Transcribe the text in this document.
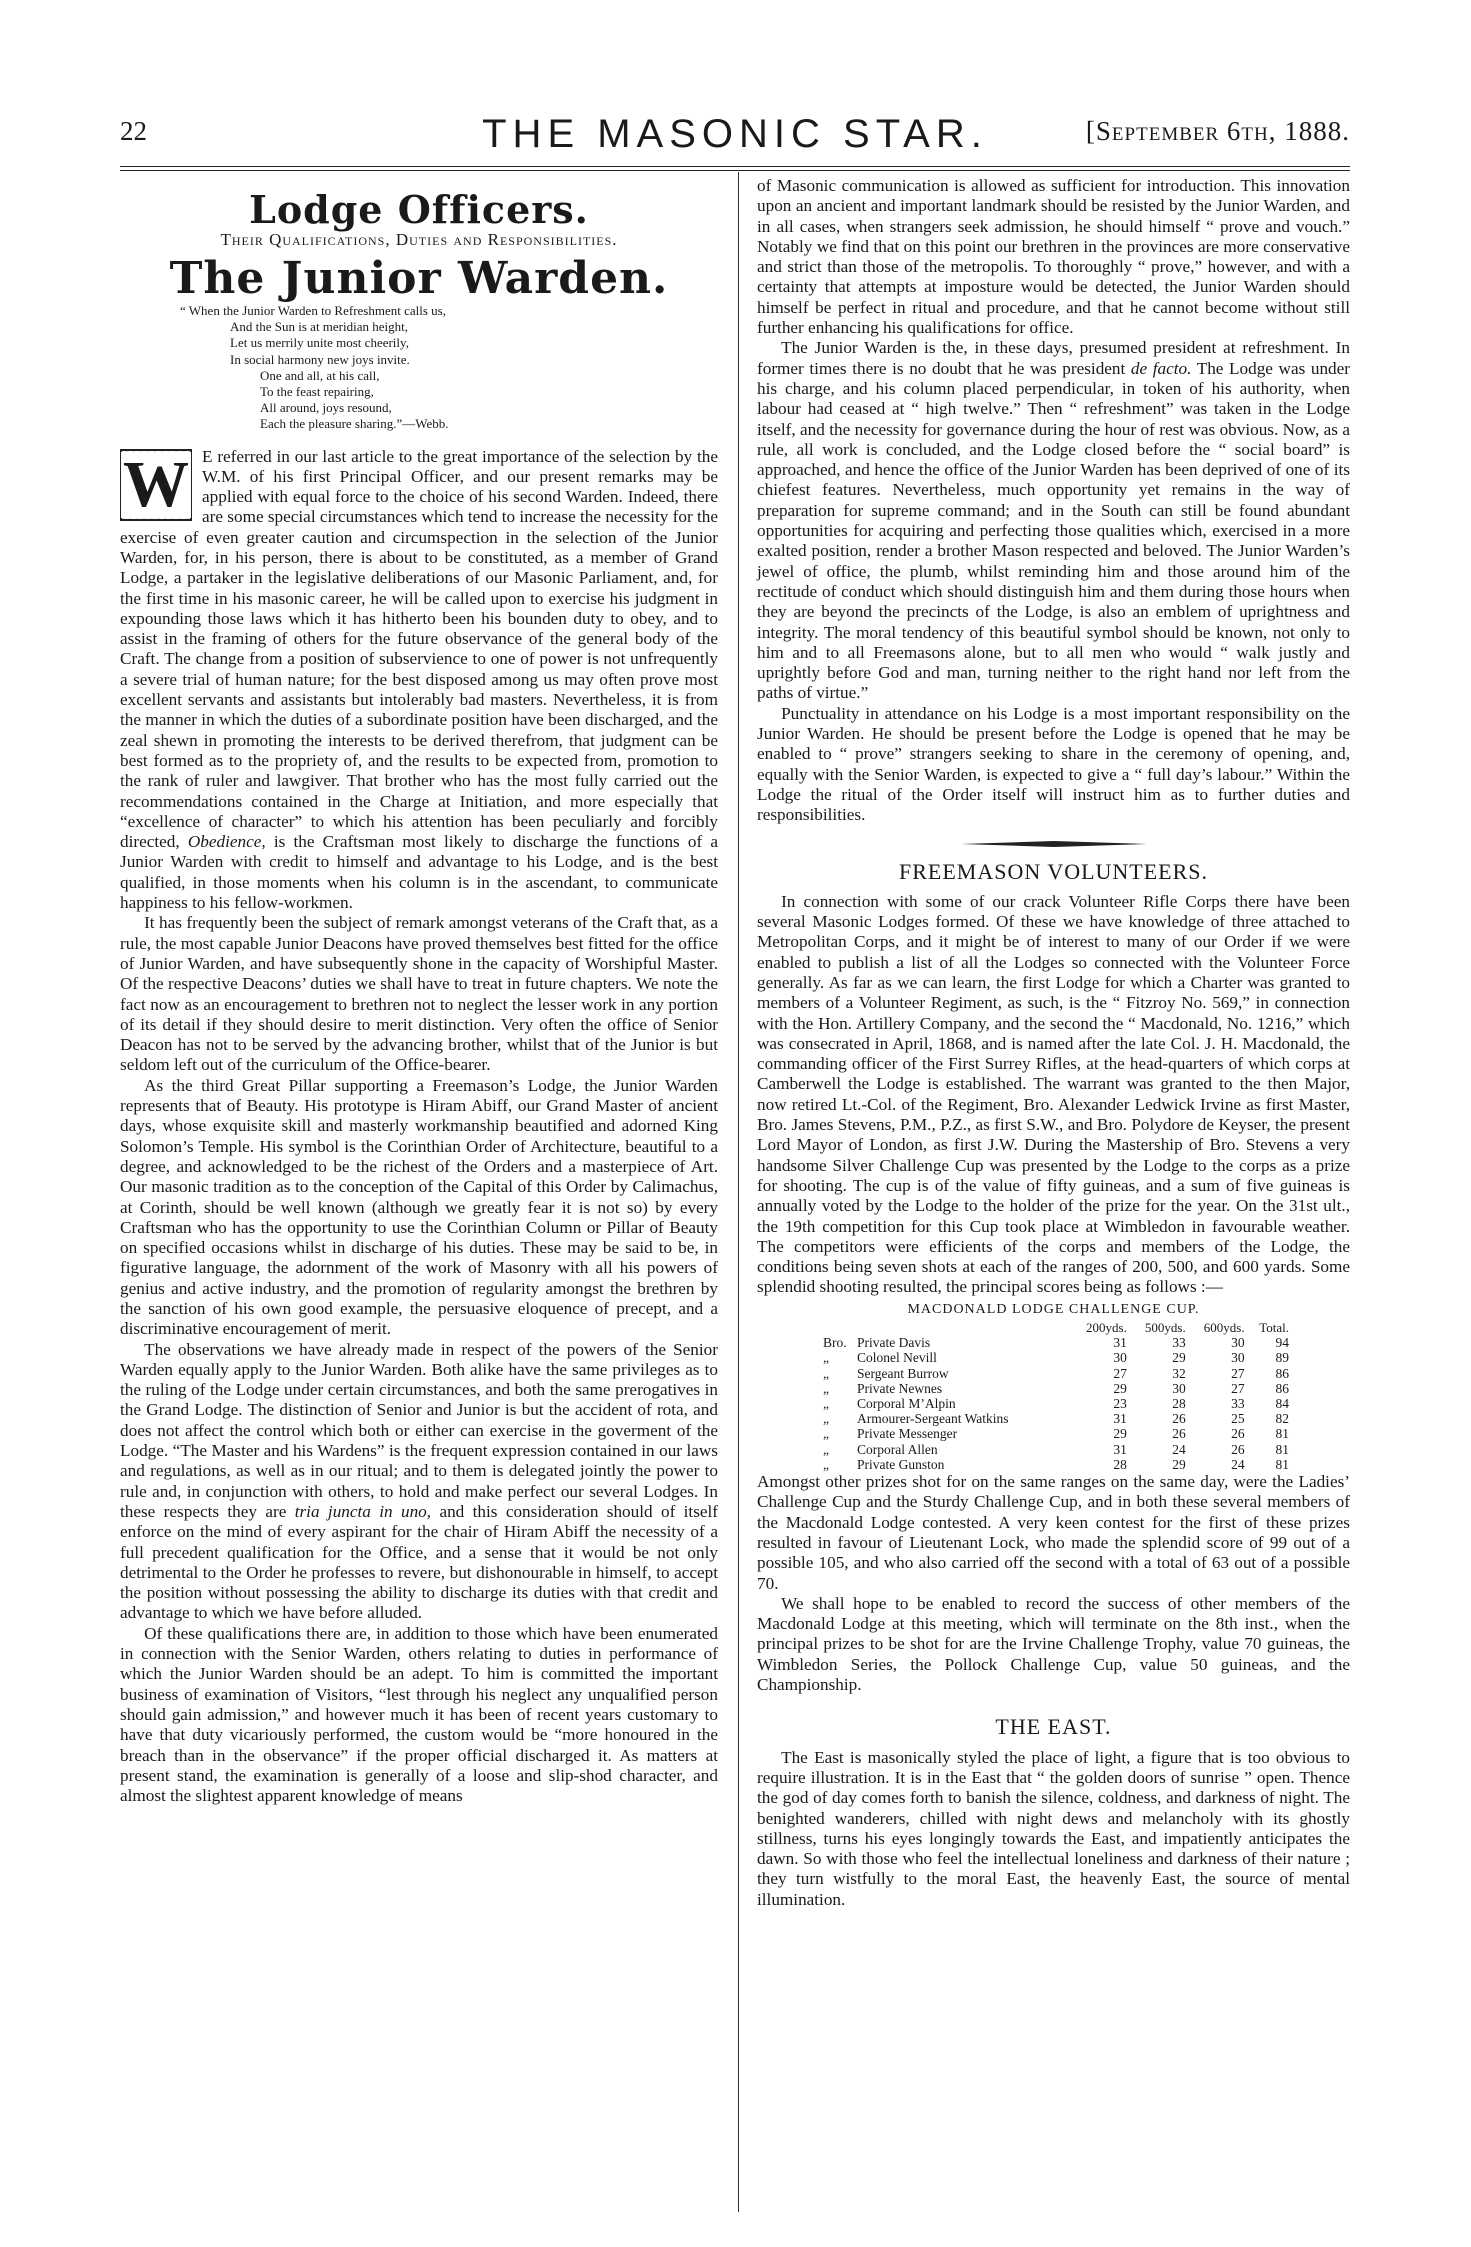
22	THE MASONIC STAR.	[September 6th, 1888.
Lodge Officers.
Their Qualifications, Duties and Responsibilities.
The Junior Warden.
“ When the Junior Warden to Refreshment calls us,
And the Sun is at meridian height,
Let us merrily unite most cheerily,
In social harmony new joys invite.
One and all, at his call,
To the feast repairing,
All around, joys resound,
Each the pleasure sharing.”—Webb.
W E referred in our last article to the great importance of the selection by the W.M. of his first Principal Officer, and our present remarks may be applied with equal force to the choice of his second Warden. Indeed, there are some special circumstances which tend to increase the necessity for the exercise of even greater caution and circumspection in the selection of the Junior Warden, for, in his person, there is about to be constituted, as a member of Grand Lodge, a partaker in the legislative deliberations of our Masonic Parliament, and, for the first time in his masonic career, he will be called upon to exercise his judgment in expounding those laws which it has hitherto been his bounden duty to obey, and to assist in the framing of others for the future observance of the general body of the Craft. The change from a position of subservience to one of power is not unfrequently a severe trial of human nature; for the best disposed among us may often prove most excellent servants and assistants but intolerably bad masters. Nevertheless, it is from the manner in which the duties of a subordinate position have been discharged, and the zeal shewn in promoting the interests to be derived therefrom, that judgment can be best formed as to the propriety of, and the results to be expected from, promotion to the rank of ruler and lawgiver. That brother who has the most fully carried out the recommendations contained in the Charge at Initiation, and more especially that “excellence of character” to which his attention has been peculiarly and forcibly directed, Obedience, is the Craftsman most likely to discharge the functions of a Junior Warden with credit to himself and advantage to his Lodge, and is the best qualified, in those moments when his column is in the ascendant, to communicate happiness to his fellow-workmen.

It has frequently been the subject of remark amongst veterans of the Craft that, as a rule, the most capable Junior Deacons have proved themselves best fitted for the office of Junior Warden, and have subsequently shone in the capacity of Worshipful Master. Of the respective Deacons’ duties we shall have to treat in future chapters. We note the fact now as an encouragement to brethren not to neglect the lesser work in any portion of its detail if they should desire to merit distinction. Very often the office of Senior Deacon has not to be served by the advancing brother, whilst that of the Junior is but seldom left out of the curriculum of the Office-bearer.

As the third Great Pillar supporting a Freemason’s Lodge, the Junior Warden represents that of Beauty. His prototype is Hiram Abiff, our Grand Master of ancient days, whose exquisite skill and masterly workmanship beautified and adorned King Solomon’s Temple. His symbol is the Corinthian Order of Architecture, beautiful to a degree, and acknowledged to be the richest of the Orders and a masterpiece of Art. Our masonic tradition as to the conception of the Capital of this Order by Calimachus, at Corinth, should be well known (although we greatly fear it is not so) by every Craftsman who has the opportunity to use the Corinthian Column or Pillar of Beauty on specified occasions whilst in discharge of his duties. These may be said to be, in figurative language, the adornment of the work of Masonry with all his powers of genius and active industry, and the promotion of regularity amongst the brethren by the sanction of his own good example, the persuasive eloquence of precept, and a discriminative encouragement of merit.

The observations we have already made in respect of the powers of the Senior Warden equally apply to the Junior Warden. Both alike have the same privileges as to the ruling of the Lodge under certain circumstances, and both the same prerogatives in the Grand Lodge. The distinction of Senior and Junior is but the accident of rota, and does not affect the control which both or either can exercise in the goverment of the Lodge. “The Master and his Wardens” is the frequent expression contained in our laws and regulations, as well as in our ritual; and to them is delegated jointly the power to rule and, in conjunction with others, to hold and make perfect our several Lodges. In these respects they are tria juncta in uno, and this consideration should of itself enforce on the mind of every aspirant for the chair of Hiram Abiff the necessity of a full precedent qualification for the Office, and a sense that it would be not only detrimental to the Order he professes to revere, but dishonourable in himself, to accept the position without possessing the ability to discharge its duties with that credit and advantage to which we have before alluded.

Of these qualifications there are, in addition to those which have been enumerated in connection with the Senior Warden, others relating to duties in performance of which the Junior Warden should be an adept. To him is committed the important business of examination of Visitors, “lest through his neglect any unqualified person should gain admission,” and however much it has been of recent years customary to have that duty vicariously performed, the custom would be “more honoured in the breach than in the observance” if the proper official discharged it. As matters at present stand, the examination is generally of a loose and slip-shod character, and almost the slightest apparent knowledge of means

of Masonic communication is allowed as sufficient for introduction. This innovation upon an ancient and important landmark should be resisted by the Junior Warden, and in all cases, when strangers seek admission, he should himself “ prove and vouch.” Notably we find that on this point our brethren in the provinces are more conservative and strict than those of the metropolis. To thoroughly “ prove,” however, and with a certainty that attempts at imposture would be detected, the Junior Warden should himself be perfect in ritual and procedure, and that he cannot become without still further enhancing his qualifications for office.

The Junior Warden is the, in these days, presumed president at refreshment. In former times there is no doubt that he was president de facto. The Lodge was under his charge, and his column placed perpendicular, in token of his authority, when labour had ceased at “ high twelve.” Then “ refreshment” was taken in the Lodge itself, and the necessity for governance during the hour of rest was obvious. Now, as a rule, all work is concluded, and the Lodge closed before the “ social board” is approached, and hence the office of the Junior Warden has been deprived of one of its chiefest features. Nevertheless, much opportunity yet remains in the way of preparation for supreme command; and in the South can still be found abundant opportunities for acquiring and perfecting those qualities which, exercised in a more exalted position, render a brother Mason respected and beloved. The Junior Warden’s jewel of office, the plumb, whilst reminding him and those around him of the rectitude of conduct which should distinguish him and them during those hours when they are beyond the precincts of the Lodge, is also an emblem of uprightness and integrity. The moral tendency of this beautiful symbol should be known, not only to him and to all Freemasons alone, but to all men who would “ walk justly and uprightly before God and man, turning neither to the right hand nor left from the paths of virtue.”

Punctuality in attendance on his Lodge is a most important responsibility on the Junior Warden. He should be present before the Lodge is opened that he may be enabled to “ prove” strangers seeking to share in the ceremony of opening, and, equally with the Senior Warden, is expected to give a “ full day’s labour.” Within the Lodge the ritual of the Order itself will instruct him as to further duties and responsibilities.

FREEMASON VOLUNTEERS.

In connection with some of our crack Volunteer Rifle Corps there have been several Masonic Lodges formed. Of these we have knowledge of three attached to Metropolitan Corps, and it might be of interest to many of our Order if we were enabled to publish a list of all the Lodges so connected with the Volunteer Force generally. As far as we can learn, the first Lodge for which a Charter was granted to members of a Volunteer Regiment, as such, is the “ Fitzroy No. 569,” in connection with the Hon. Artillery Company, and the second the “ Macdonald, No. 1216,” which was consecrated in April, 1868, and is named after the late Col. J. H. Macdonald, the commanding officer of the First Surrey Rifles, at the head-quarters of which corps at Camberwell the Lodge is established. The warrant was granted to the then Major, now retired Lt.-Col. of the Regiment, Bro. Alexander Ledwick Irvine as first Master, Bro. James Stevens, P.M., P.Z., as first S.W., and Bro. Polydore de Keyser, the present Lord Mayor of London, as first J.W. During the Mastership of Bro. Stevens a very handsome Silver Challenge Cup was presented by the Lodge to the corps as a prize for shooting. The cup is of the value of fifty guineas, and a sum of five guineas is annually voted by the Lodge to the holder of the prize for the year. On the 31st ult., the 19th competition for this Cup took place at Wimbledon in favourable weather. The competitors were efficients of the corps and members of the Lodge, the conditions being seven shots at each of the ranges of 200, 500, and 600 yards. Some splendid shooting resulted, the principal scores being as follows :—

MACDONALD LODGE CHALLENGE CUP.
	200yds.	500yds.	600yds.	Total.
Bro. Private Davis	31	33	30	94
„ Colonel Nevill	30	29	30	89
„ Sergeant Burrow	27	32	27	86
„ Private Newnes	29	30	27	86
„ Corporal M’Alpin	23	28	33	84
„ Armourer-Sergeant Watkins	31	26	25	82
„ Private Messenger	29	26	26	81
„ Corporal Allen	31	24	26	81
„ Private Gunston	28	29	24	81

Amongst other prizes shot for on the same ranges on the same day, were the Ladies’ Challenge Cup and the Sturdy Challenge Cup, and in both these several members of the Macdonald Lodge contested. A very keen contest for the first of these prizes resulted in favour of Lieutenant Lock, who made the splendid score of 99 out of a possible 105, and who also carried off the second with a total of 63 out of a possible 70.

We shall hope to be enabled to record the success of other members of the Macdonald Lodge at this meeting, which will terminate on the 8th inst., when the principal prizes to be shot for are the Irvine Challenge Trophy, value 70 guineas, the Wimbledon Series, the Pollock Challenge Cup, value 50 guineas, and the Championship.

THE EAST.

The East is masonically styled the place of light, a figure that is too obvious to require illustration. It is in the East that “ the golden doors of sunrise ” open. Thence the god of day comes forth to banish the silence, coldness, and darkness of night. The benighted wanderers, chilled with night dews and melancholy with its ghostly stillness, turns his eyes longingly towards the East, and impatiently anticipates the dawn. So with those who feel the intellectual loneliness and darkness of their nature ; they turn wistfully to the moral East, the heavenly East, the source of mental illumination.
